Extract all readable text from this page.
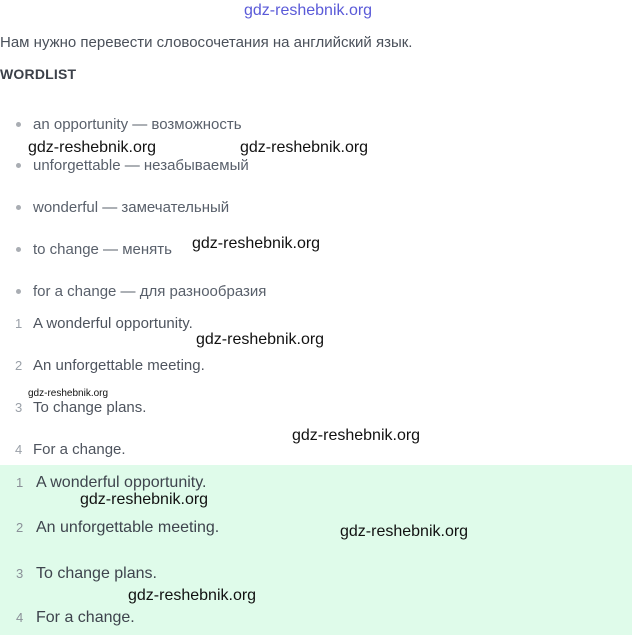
gdz-reshebnik.org
Нам нужно перевести словосочетания на английский язык.
WORDLIST
an opportunity — возможность
unforgettable — незабываемый
wonderful — замечательный
to change — менять
for a change — для разнообразия
1 A wonderful opportunity.
2 An unforgettable meeting.
3 To change plans.
4 For a change.
1 A wonderful opportunity.
2 An unforgettable meeting.
3 To change plans.
4 For a change.
gdz-reshebnik.org	gdz-reshebnik.org
gdz-reshebnik.org
gdz-reshebnik.org
gdz-reshebnik.org
gdz-reshebnik.org
gdz-reshebnik.org
gdz-reshebnik.org
gdz-reshebnik.org
